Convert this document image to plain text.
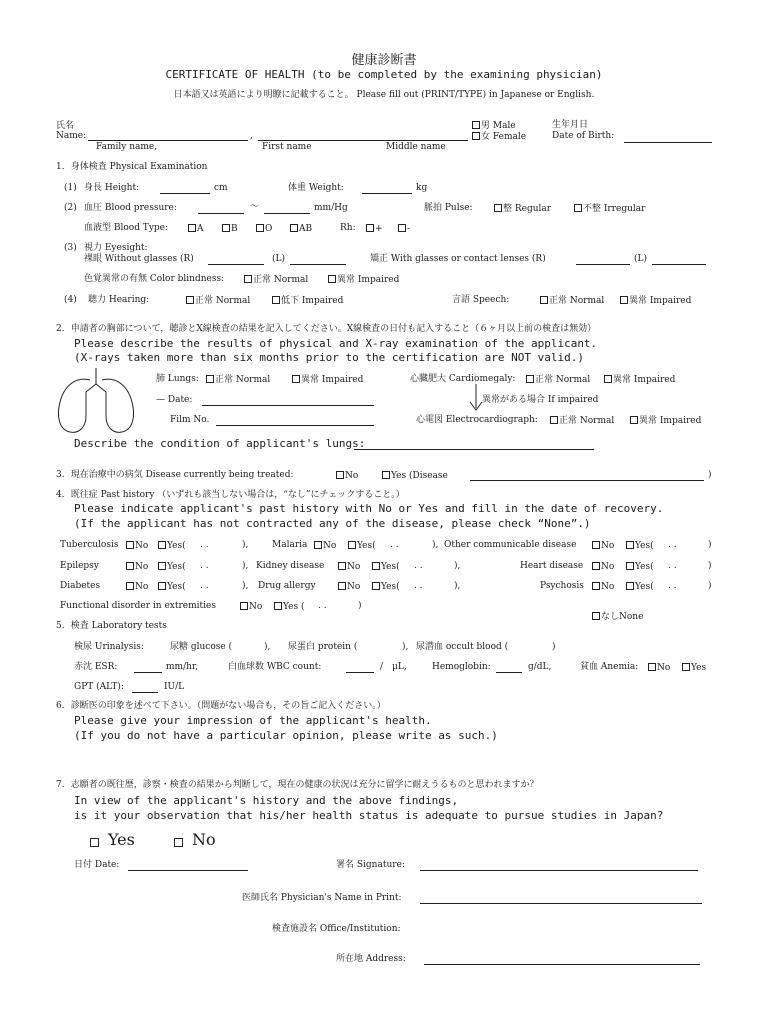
健康診断書
CERTIFICATE OF HEALTH (to be completed by the examining physician)
日本語又は英語により明瞭に記載すること。 Please fill out (PRINT/TYPE) in Japanese or English.
氏名
Name:	,
Family name,	First name	Middle name
男 Male
女 Female
生年月日
Date of Birth:
1．身体検査 Physical Examination
(1) 身長 Height:	cm	体重 Weight:	kg
(2) 血圧 Blood pressure:	～	mm/Hg	脈拍 Pulse:	整 Regular	不整 Irregular
血液型 Blood Type:	A	B	O	AB	Rh:	+	-
(3) 視力 Eyesight:
裸眼 Without glasses (R)	(L)	矯正 With glasses or contact lenses (R)	(L)
色覚異常の有無 Color blindness:	正常 Normal	異常 Impaired
(4) 聴力 Hearing:	正常 Normal	低下 Impaired	言語 Speech:	正常 Normal	異常 Impaired
2．申請者の胸部について，聴診とX線検査の結果を記入してください。X線検査の日付も記入すること（６ヶ月以上前の検査は無効）
Please describe the results of physical and X-ray examination of the applicant.
(X-rays taken more than six months prior to the certification are NOT valid.)
肺 Lungs:	正常 Normal	異常 Impaired	心臓肥大 Cardiomegaly:	正常 Normal	異常 Impaired
— Date:	異常がある場合 If impaired
Film No.	心電図 Electrocardiograph:	正常 Normal	異常 Impaired
Describe the condition of applicant's lungs:
3．現在治療中の病気 Disease currently being treated:	No	Yes (Disease	)
4．既往症 Past history （いずれも該当しない場合は，“なし”にチェックすること。）
Please indicate applicant's past history with No or Yes and fill in the date of recovery.
(If the applicant has not contracted any of the disease, please check “None”.)
Tuberculosis	No	Yes( . .	),	Malaria	No	Yes( . .	), Other communicable disease	No	Yes( . .	)
Epilepsy	No	Yes( . .	), Kidney disease	No	Yes( . .	),	Heart disease	No	Yes( . .	)
Diabetes	No	Yes( . .	), Drug allergy	No	Yes( . .	),	Psychosis	No	Yes( . .	)
Functional disorder in extremities	No	Yes ( . .	)
なしNone
5．検査 Laboratory tests
検尿 Urinalysis:	尿糖 glucose (	), 尿蛋白 protein (	), 尿潜血 occult blood (	)
赤沈 ESR:	mm/hr,	白血球数 WBC count:	/ μL,	Hemoglobin:	g/dL,	貧血 Anemia:	No	Yes
GPT (ALT):	IU/L
6．診断医の印象を述べて下さい。（問題がない場合も，その旨ご記入ください。）
Please give your impression of the applicant's health.
(If you do not have a particular opinion, please write as such.)
7．志願者の既往歴，診察・検査の結果から判断して，現在の健康の状況は充分に留学に耐えうるものと思われますか？
In view of the applicant's history and the above findings,
is it your observation that his/her health status is adequate to pursue studies in Japan?
Yes	No
日付 Date:	署名 Signature:
医師氏名 Physician's Name in Print:
検査施設名 Office/Institution:
所在地 Address:
